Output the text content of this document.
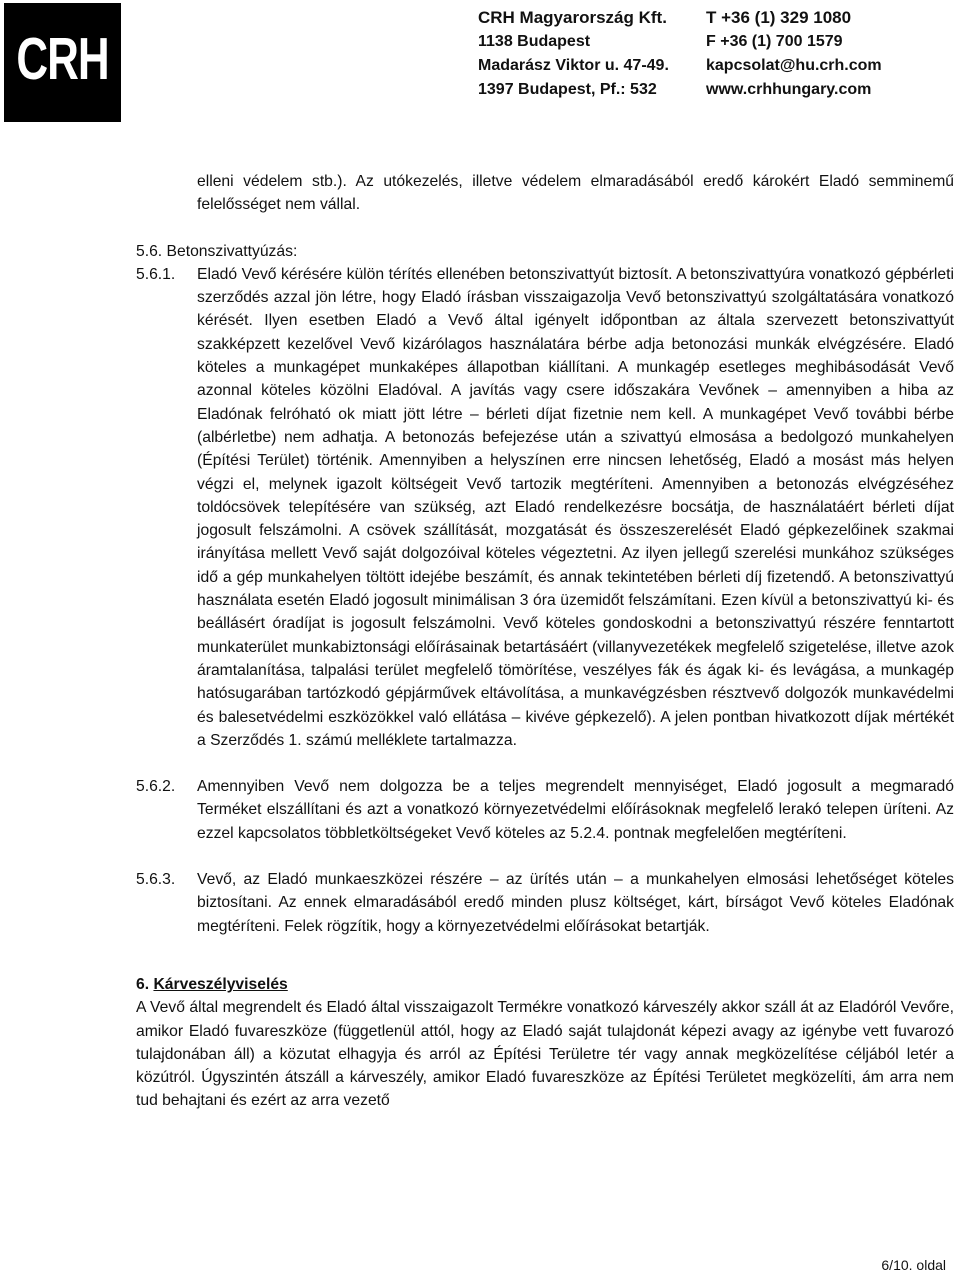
CRH
CRH Magyarország Kft.
1138 Budapest
Madarász Viktor u. 47-49.
1397 Budapest, Pf.: 532
T +36 (1) 329 1080
F +36 (1) 700 1579
kapcsolat@hu.crh.com
www.crhhungary.com

elleni védelem stb.). Az utókezelés, illetve védelem elmaradásából eredő károkért Eladó semminemű felelősséget nem vállal.

5.6. Betonszivattyúzás:
5.6.1.	Eladó Vevő kérésére külön térítés ellenében betonszivattyút biztosít. A betonszivattyúra vonatkozó gépbérleti szerződés azzal jön létre, hogy Eladó írásban visszaigazolja Vevő betonszivattyú szolgáltatására vonatkozó kérését. Ilyen esetben Eladó a Vevő által igényelt időpontban az általa szervezett betonszivattyút szakképzett kezelővel Vevő kizárólagos használatára bérbe adja betonozási munkák elvégzésére. Eladó köteles a munkagépet munkaképes állapotban kiállítani. A munkagép esetleges meghibásodását Vevő azonnal köteles közölni Eladóval. A javítás vagy csere időszakára Vevőnek – amennyiben a hiba az Eladónak felróható ok miatt jött létre – bérleti díjat fizetnie nem kell. A munkagépet Vevő további bérbe (albérletbe) nem adhatja. A betonozás befejezése után a szivattyú elmosása a bedolgozó munkahelyen (Építési Terület) történik. Amennyiben a helyszínen erre nincsen lehetőség, Eladó a mosást más helyen végzi el, melynek igazolt költségeit Vevő tartozik megtéríteni. Amennyiben a betonozás elvégzéséhez toldócsövek telepítésére van szükség, azt Eladó rendelkezésre bocsátja, de használatáért bérleti díjat jogosult felszámolni. A csövek szállítását, mozgatását és összeszerelését Eladó gépkezelőinek szakmai irányítása mellett Vevő saját dolgozóival köteles végeztetni. Az ilyen jellegű szerelési munkához szükséges idő a gép munkahelyen töltött idejébe beszámít, és annak tekintetében bérleti díj fizetendő. A betonszivattyú használata esetén Eladó jogosult minimálisan 3 óra üzemidőt felszámítani. Ezen kívül a betonszivattyú ki- és beállásért óradíjat is jogosult felszámolni. Vevő köteles gondoskodni a betonszivattyú részére fenntartott munkaterület munkabiztonsági előírásainak betartásáért (villanyvezetékek megfelelő szigetelése, illetve azok áramtalanítása, talpalási terület megfelelő tömörítése, veszélyes fák és ágak ki- és levágása, a munkagép hatósugarában tartózkodó gépjárművek eltávolítása, a munkavégzésben résztvevő dolgozók munkavédelmi és balesetvédelmi eszközökkel való ellátása – kivéve gépkezelő). A jelen pontban hivatkozott díjak mértékét a Szerződés 1. számú melléklete tartalmazza.
5.6.2.	Amennyiben Vevő nem dolgozza be a teljes megrendelt mennyiséget, Eladó jogosult a megmaradó Terméket elszállítani és azt a vonatkozó környezetvédelmi előírásoknak megfelelő lerakó telepen üríteni. Az ezzel kapcsolatos többletköltségeket Vevő köteles az 5.2.4. pontnak megfelelően megtéríteni.
5.6.3.	Vevő, az Eladó munkaeszközei részére – az ürítés után – a munkahelyen elmosási lehetőséget köteles biztosítani. Az ennek elmaradásából eredő minden plusz költséget, kárt, bírságot Vevő köteles Eladónak megtéríteni. Felek rögzítik, hogy a környezetvédelmi előírásokat betartják.
6. Kárveszélyviselés

A Vevő által megrendelt és Eladó által visszaigazolt Termékre vonatkozó kárveszély akkor száll át az Eladóról Vevőre, amikor Eladó fuvareszköze (függetlenül attól, hogy az Eladó saját tulajdonát képezi avagy az igénybe vett fuvarozó tulajdonában áll) a közutat elhagyja és arról az Építési Területre tér vagy annak megközelítése céljából letér a közútról. Úgyszintén átszáll a kárveszély, amikor Eladó fuvareszköze az Építési Területet megközelíti, ám arra nem tud behajtani és ezért az arra vezető

6/10. oldal
